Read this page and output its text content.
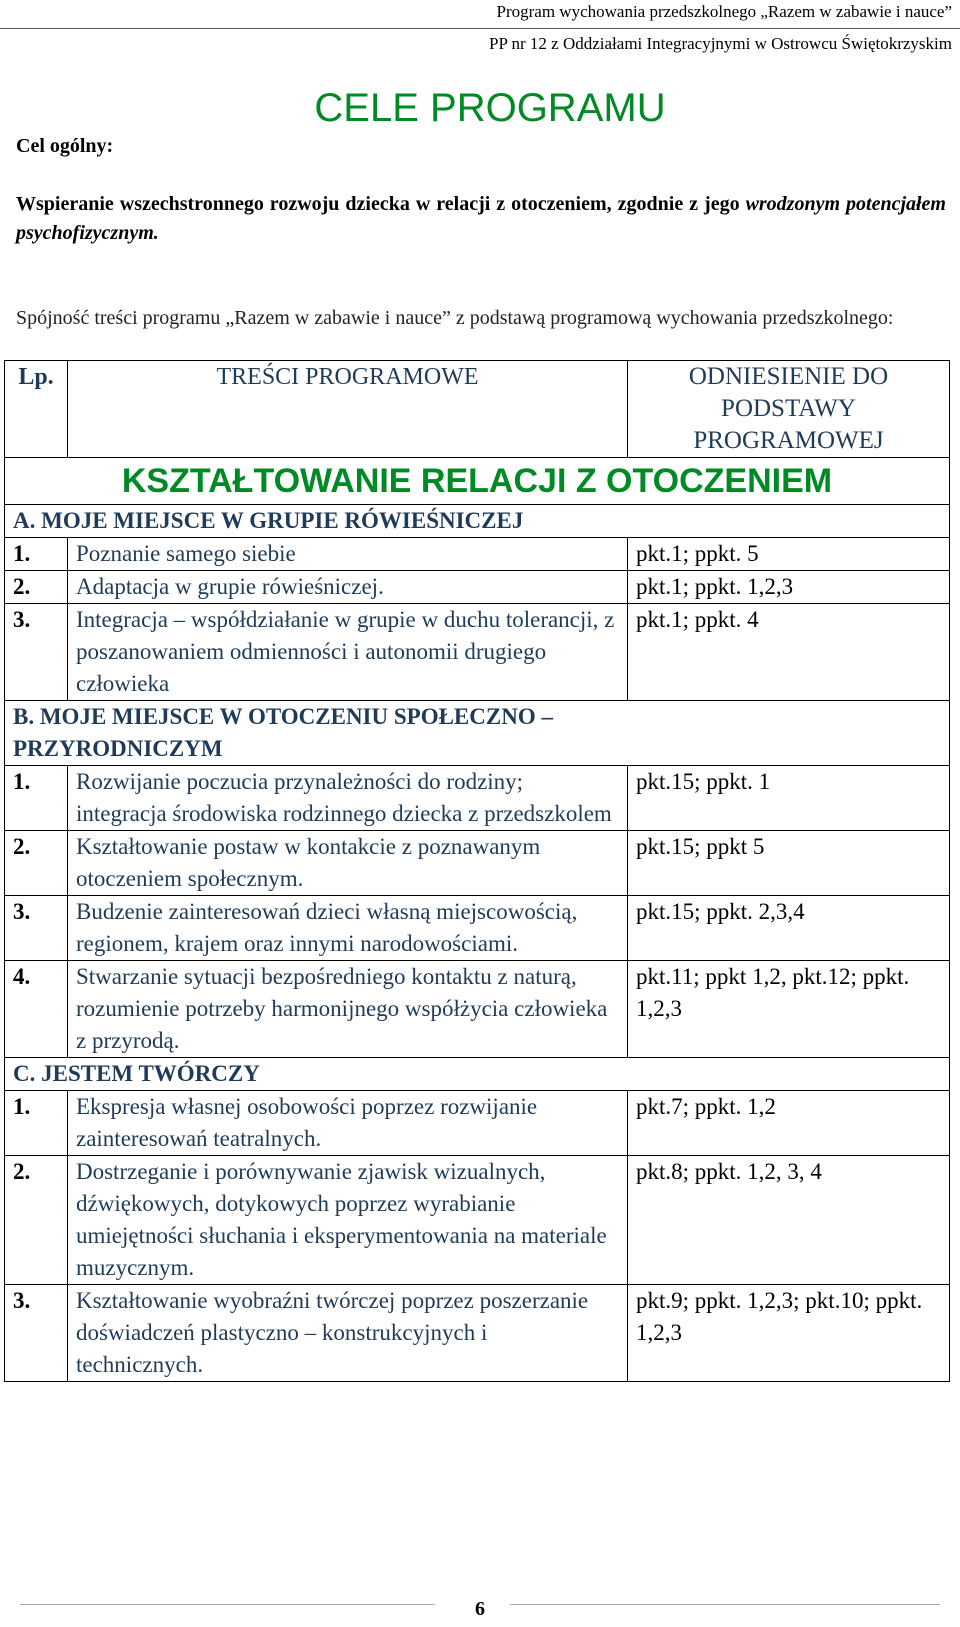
Program wychowania przedszkolnego „Razem w zabawie i nauce”
PP nr 12 z Oddziałami Integracyjnymi w Ostrowcu Świętokrzyskim
Cel ogólny:
CELE PROGRAMU
Wspieranie wszechstronnego rozwoju dziecka w relacji z otoczeniem, zgodnie z jego wrodzonym potencjałem psychofizycznym.
Spójność treści programu „Razem w zabawie i nauce” z podstawą programową wychowania przedszkolnego:
Lp.	TREŚCI PROGRAMOWE	ODNIESIENIE DO PODSTAWY PROGRAMOWEJ
KSZTAŁTOWANIE RELACJI Z OTOCZENIEM		
A. MOJE MIEJSCE W GRUPIE RÓWIEŚNICZEJ		
1.	Poznanie samego siebie	pkt.1; ppkt. 5
2.	Adaptacja w grupie rówieśniczej.	pkt.1; ppkt. 1,2,3
3.	Integracja – współdziałanie w grupie w duchu tolerancji, z poszanowaniem odmienności i autonomii drugiego człowieka	pkt.1; ppkt. 4
B. MOJE MIEJSCE W OTOCZENIU SPOŁECZNO – PRZYRODNICZYM		
1.	Rozwijanie poczucia przynależności do rodziny; integracja środowiska rodzinnego dziecka z przedszkolem	pkt.15; ppkt. 1
2.	Kształtowanie postaw w kontakcie z poznawanym otoczeniem społecznym.	pkt.15; ppkt 5
3.	Budzenie zainteresowań dzieci własną miejscowością, regionem, krajem oraz innymi narodowościami.	pkt.15; ppkt. 2,3,4
4.	Stwarzanie sytuacji bezpośredniego kontaktu z naturą, rozumienie potrzeby harmonijnego współżycia człowieka z przyrodą.	pkt.11; ppkt 1,2, pkt.12; ppkt. 1,2,3
C. JESTEM TWÓRCZY		
1.	Ekspresja własnej osobowości poprzez rozwijanie zainteresowań teatralnych.	pkt.7; ppkt. 1,2
2.	Dostrzeganie i porównywanie zjawisk wizualnych, dźwiękowych, dotykowych poprzez wyrabianie umiejętności słuchania i eksperymentowania na materiale muzycznym.	pkt.8; ppkt. 1,2, 3, 4
3.	Kształtowanie wyobraźni twórczej poprzez poszerzanie doświadczeń plastyczno – konstrukcyjnych i technicznych.	pkt.9; ppkt. 1,2,3; pkt.10; ppkt. 1,2,3
6
